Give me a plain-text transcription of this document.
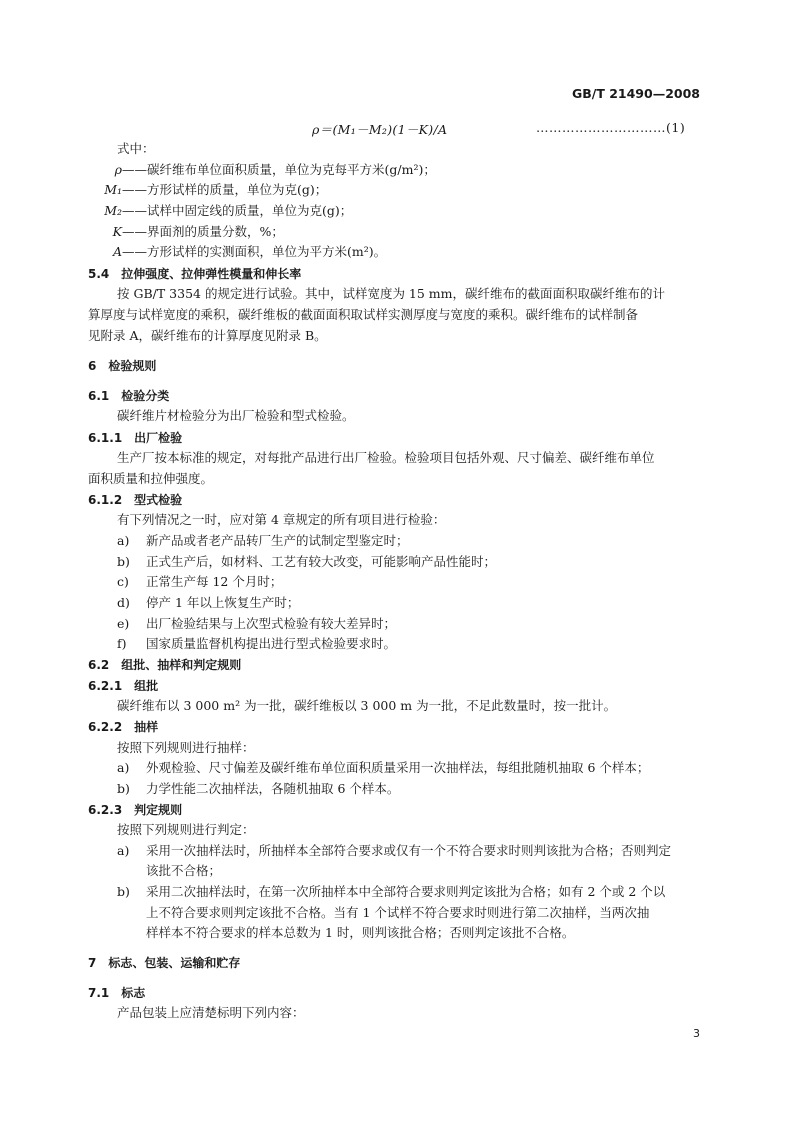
GB/T 21490—2008
ρ＝(M₁－M₂)(1－K)/A	…………………………(1)
式中：
ρ——碳纤维布单位面积质量，单位为克每平方米(g/m²)；
M₁——方形试样的质量，单位为克(g)；
M₂——试样中固定线的质量，单位为克(g)；
K——界面剂的质量分数，%；
A——方形试样的实测面积，单位为平方米(m²)。
5.4　拉伸强度、拉伸弹性模量和伸长率
按 GB/T 3354 的规定进行试验。其中，试样宽度为 15 mm，碳纤维布的截面面积取碳纤维布的计
算厚度与试样宽度的乘积，碳纤维板的截面面积取试样实测厚度与宽度的乘积。碳纤维布的试样制备
见附录 A，碳纤维布的计算厚度见附录 B。
6　检验规则
6.1　检验分类
碳纤维片材检验分为出厂检验和型式检验。
6.1.1　出厂检验
生产厂按本标准的规定，对每批产品进行出厂检验。检验项目包括外观、尺寸偏差、碳纤维布单位
面积质量和拉伸强度。
6.1.2　型式检验
有下列情况之一时，应对第 4 章规定的所有项目进行检验：
a) 新产品或者老产品转厂生产的试制定型鉴定时；
b) 正式生产后，如材料、工艺有较大改变，可能影响产品性能时；
c) 正常生产每 12 个月时；
d) 停产 1 年以上恢复生产时；
e) 出厂检验结果与上次型式检验有较大差异时；
f) 国家质量监督机构提出进行型式检验要求时。
6.2　组批、抽样和判定规则
6.2.1　组批
碳纤维布以 3 000 m² 为一批，碳纤维板以 3 000 m 为一批，不足此数量时，按一批计。
6.2.2　抽样
按照下列规则进行抽样：
a) 外观检验、尺寸偏差及碳纤维布单位面积质量采用一次抽样法，每组批随机抽取 6 个样本；
b) 力学性能二次抽样法，各随机抽取 6 个样本。
6.2.3　判定规则
按照下列规则进行判定：
a) 采用一次抽样法时，所抽样本全部符合要求或仅有一个不符合要求时则判该批为合格；否则判定
该批不合格；
b) 采用二次抽样法时，在第一次所抽样本中全部符合要求则判定该批为合格；如有 2 个或 2 个以
上不符合要求则判定该批不合格。当有 1 个试样不符合要求时则进行第二次抽样，当两次抽
样样本不符合要求的样本总数为 1 时，则判该批合格；否则判定该批不合格。
7　标志、包装、运输和贮存
7.1　标志
产品包装上应清楚标明下列内容：
3
